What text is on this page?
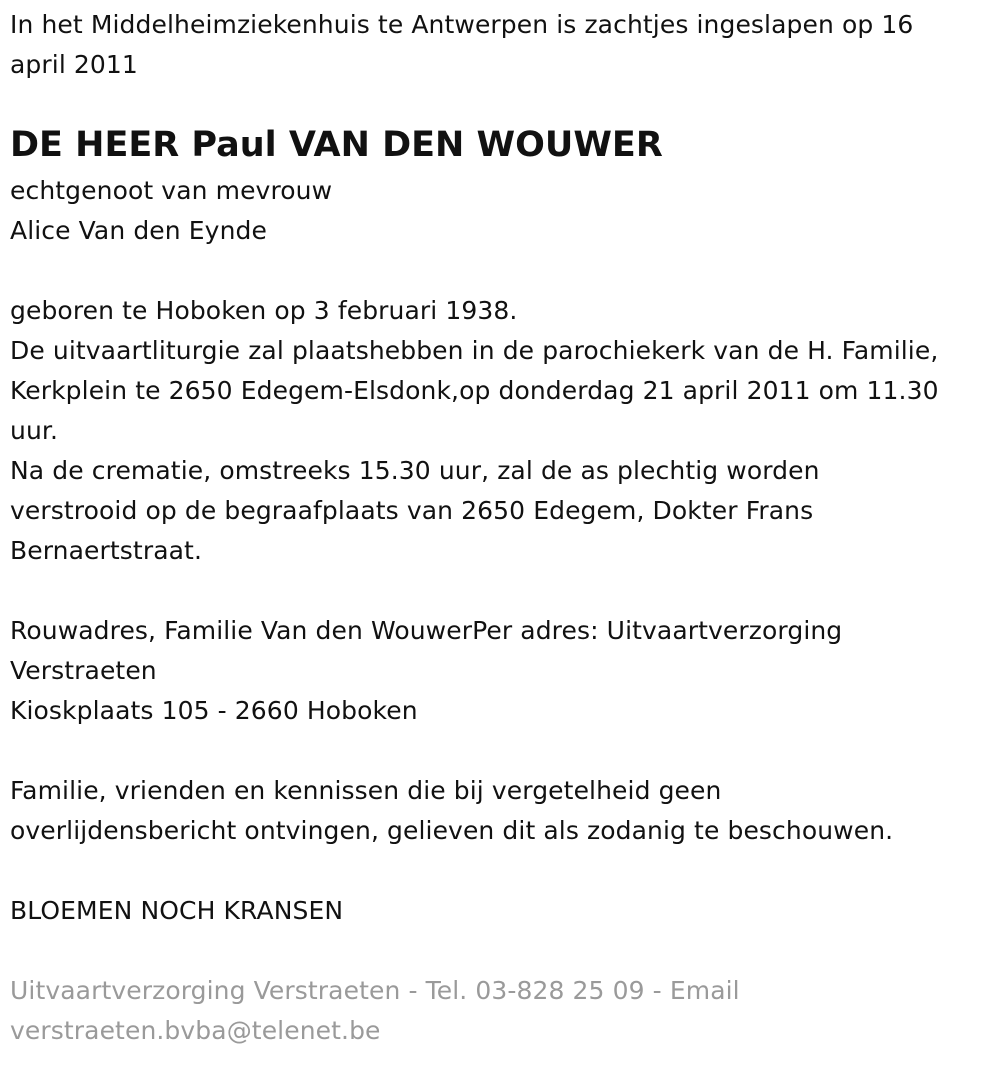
In het Middelheimziekenhuis te Antwerpen is zachtjes ingeslapen op 16
april 2011
DE HEER Paul VAN DEN WOUWER
echtgenoot van mevrouw
Alice Van den Eynde
geboren te Hoboken op 3 februari 1938.
De uitvaartliturgie zal plaatshebben in de parochiekerk van de H. Familie,
Kerkplein te 2650 Edegem-Elsdonk,op donderdag 21 april 2011 om 11.30
uur.
Na de crematie, omstreeks 15.30 uur, zal de as plechtig worden
verstrooid op de begraafplaats van 2650 Edegem, Dokter Frans
Bernaertstraat.
Rouwadres, Familie Van den WouwerPer adres: Uitvaartverzorging
Verstraeten
Kioskplaats 105 - 2660 Hoboken
Familie, vrienden en kennissen die bij vergetelheid geen
overlijdensbericht ontvingen, gelieven dit als zodanig te beschouwen.
BLOEMEN NOCH KRANSEN
Uitvaartverzorging Verstraeten - Tel. 03-828 25 09 - Email
verstraeten.bvba@telenet.be
